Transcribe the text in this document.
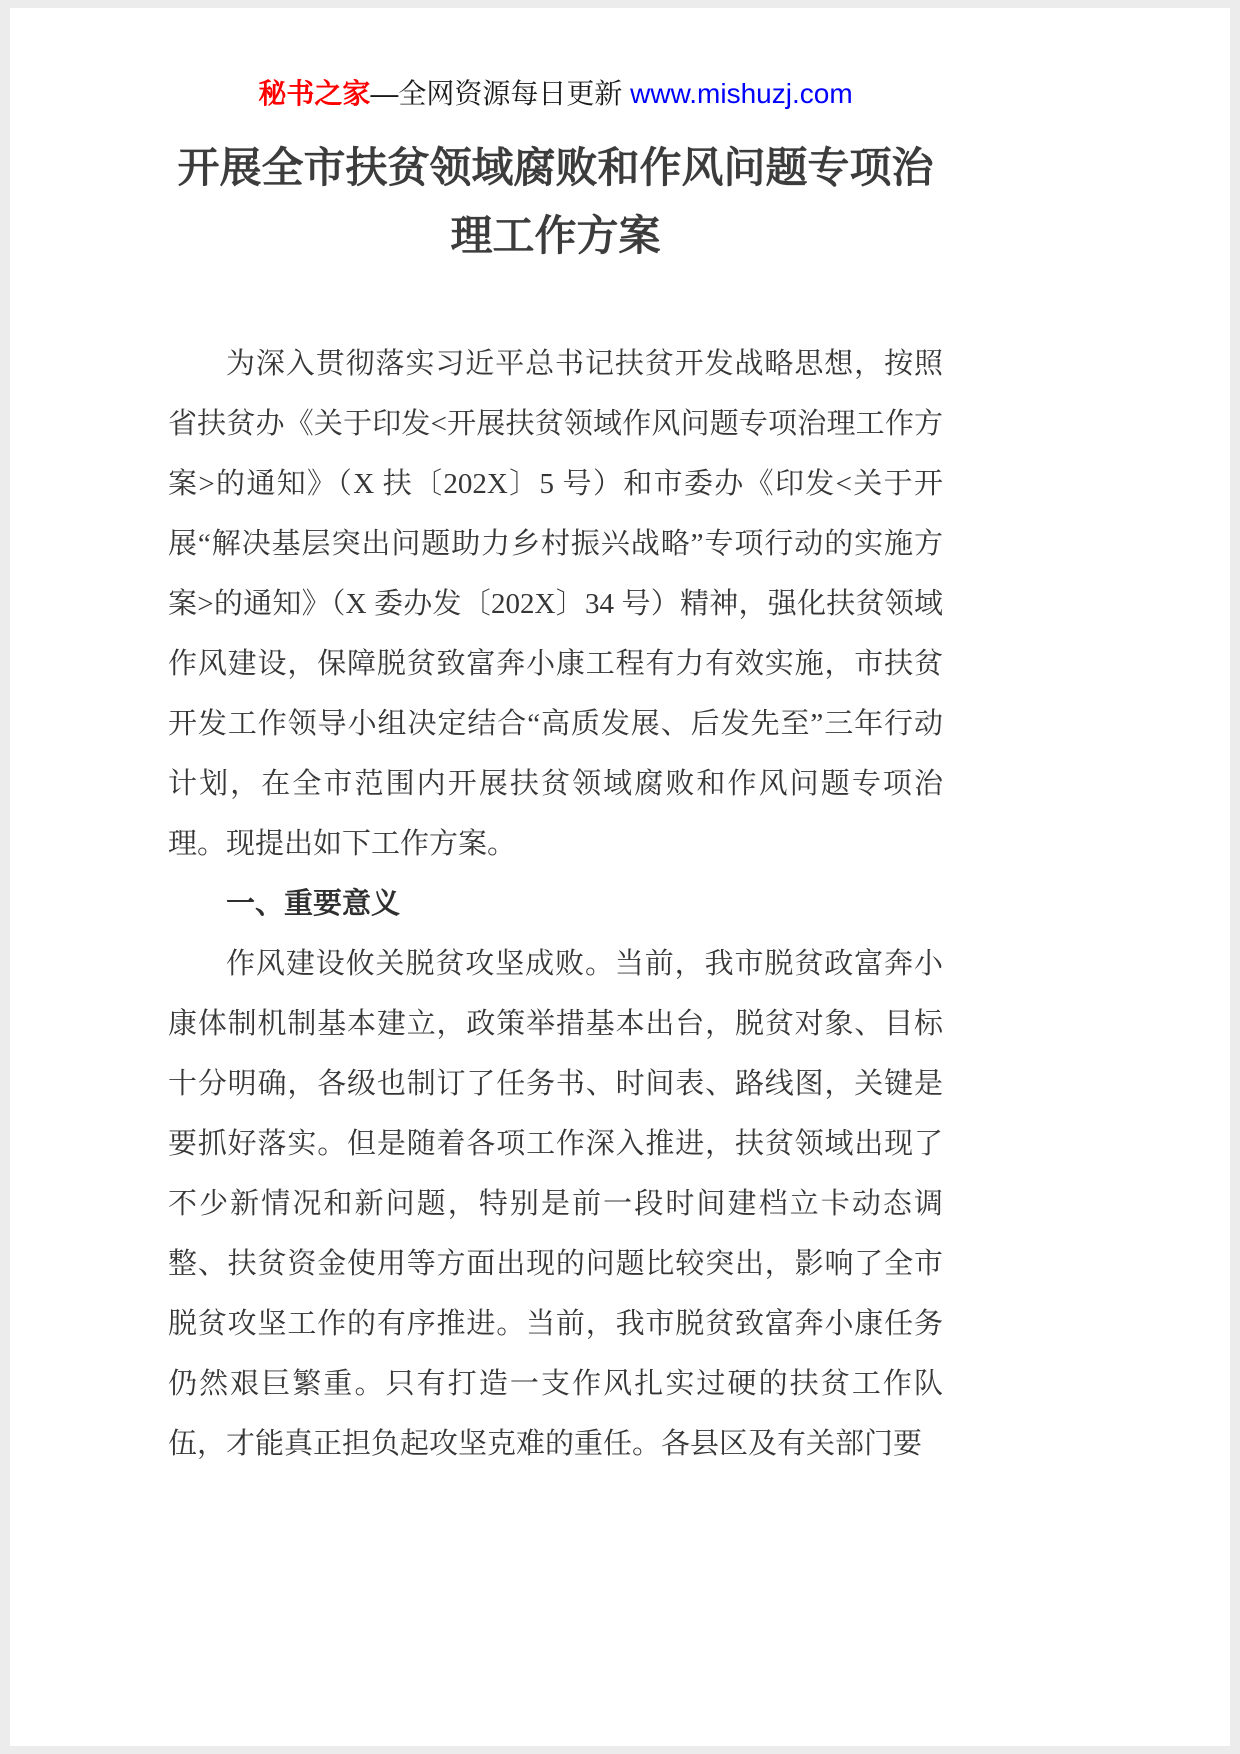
秘书之家—全网资源每日更新 www.mishuzj.com
开展全市扶贫领域腐败和作风问题专项治理工作方案

为深入贯彻落实习近平总书记扶贫开发战略思想，按照省扶贫办《关于印发<开展扶贫领域作风问题专项治理工作方案>的通知》（X 扶〔202X〕5 号）和市委办《印发<关于开展“解决基层突出问题助力乡村振兴战略”专项行动的实施方案>的通知》（X 委办发〔202X〕34 号）精神，强化扶贫领域作风建设，保障脱贫致富奔小康工程有力有效实施，市扶贫开发工作领导小组决定结合“高质发展、后发先至”三年行动计划，在全市范围内开展扶贫领域腐败和作风问题专项治理。现提出如下工作方案。

一、重要意义

作风建设攸关脱贫攻坚成败。当前，我市脱贫政富奔小康体制机制基本建立，政策举措基本出台，脱贫对象、目标十分明确，各级也制订了任务书、时间表、路线图，关键是要抓好落实。但是随着各项工作深入推进，扶贫领域出现了不少新情况和新问题，特别是前一段时间建档立卡动态调整、扶贫资金使用等方面出现的问题比较突出，影响了全市脱贫攻坚工作的有序推进。当前，我市脱贫致富奔小康任务仍然艰巨繁重。只有打造一支作风扎实过硬的扶贫工作队伍，才能真正担负起攻坚克难的重任。各县区及有关部门要
